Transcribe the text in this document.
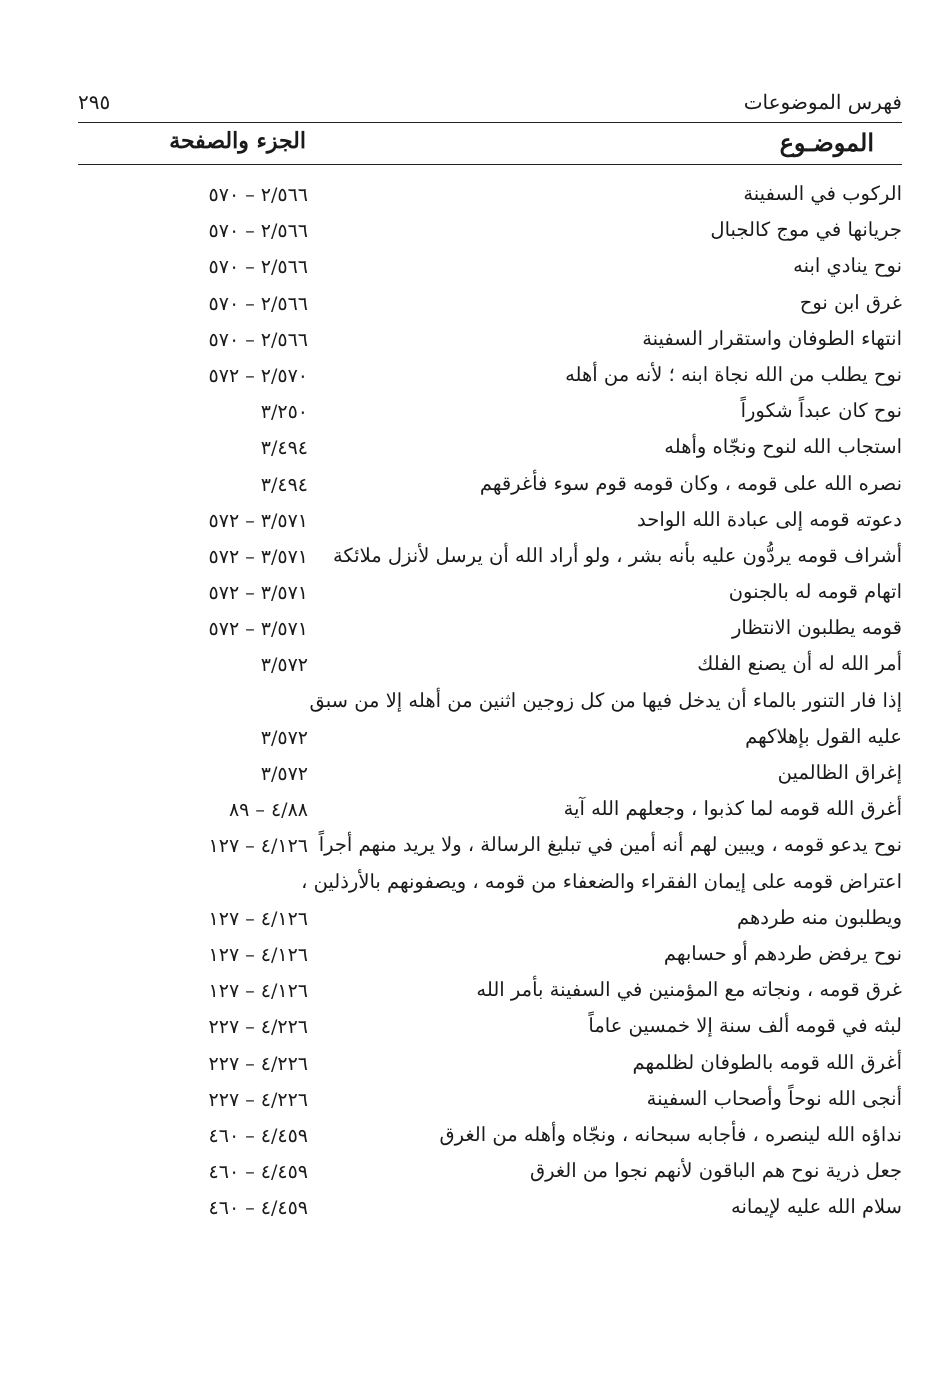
فهرس الموضوعات
٢٩٥
الموضـوع
الجزء والصفحة
الركوب في السفينة
٢/٥٦٦ – ٥٧٠
جريانها في موج كالجبال
٢/٥٦٦ – ٥٧٠
نوح ينادي ابنه
٢/٥٦٦ – ٥٧٠
غرق ابن نوح
٢/٥٦٦ – ٥٧٠
انتهاء الطوفان واستقرار السفينة
٢/٥٦٦ – ٥٧٠
نوح يطلب من الله نجاة ابنه ؛ لأنه من أهله
٢/٥٧٠ – ٥٧٢
نوح كان عبداً شكوراً
٣/٢٥٠
استجاب الله لنوح ونجّاه وأهله
٣/٤٩٤
نصره الله على قومه ، وكان قومه قوم سوء فأغرقهم
٣/٤٩٤
دعوته قومه إلى عبادة الله الواحد
٣/٥٧١ – ٥٧٢
أشراف قومه يردُّون عليه بأنه بشر ، ولو أراد الله أن يرسل لأنزل ملائكة
٣/٥٧١ – ٥٧٢
اتهام قومه له بالجنون
٣/٥٧١ – ٥٧٢
قومه يطلبون الانتظار
٣/٥٧١ – ٥٧٢
أمر الله له أن يصنع الفلك
٣/٥٧٢
إذا فار التنور بالماء أن يدخل فيها من كل زوجين اثنين من أهله إلا من سبق
عليه القول بإهلاكهم
٣/٥٧٢
إغراق الظالمين
٣/٥٧٢
أغرق الله قومه لما كذبوا ، وجعلهم الله آية
٤/٨٨ – ٨٩
نوح يدعو قومه ، ويبين لهم أنه أمين في تبليغ الرسالة ، ولا يريد منهم أجراً
٤/١٢٦ – ١٢٧
اعتراض قومه على إيمان الفقراء والضعفاء من قومه ، ويصفونهم بالأرذلين ،
ويطلبون منه طردهم
٤/١٢٦ – ١٢٧
نوح يرفض طردهم أو حسابهم
٤/١٢٦ – ١٢٧
غرق قومه ، ونجاته مع المؤمنين في السفينة بأمر الله
٤/١٢٦ – ١٢٧
لبثه في قومه ألف سنة إلا خمسين عاماً
٤/٢٢٦ – ٢٢٧
أغرق الله قومه بالطوفان لظلمهم
٤/٢٢٦ – ٢٢٧
أنجى الله نوحاً وأصحاب السفينة
٤/٢٢٦ – ٢٢٧
نداؤه الله لينصره ، فأجابه سبحانه ، ونجّاه وأهله من الغرق
٤/٤٥٩ – ٤٦٠
جعل ذرية نوح هم الباقون لأنهم نجوا من الغرق
٤/٤٥٩ – ٤٦٠
سلام الله عليه لإيمانه
٤/٤٥٩ – ٤٦٠
